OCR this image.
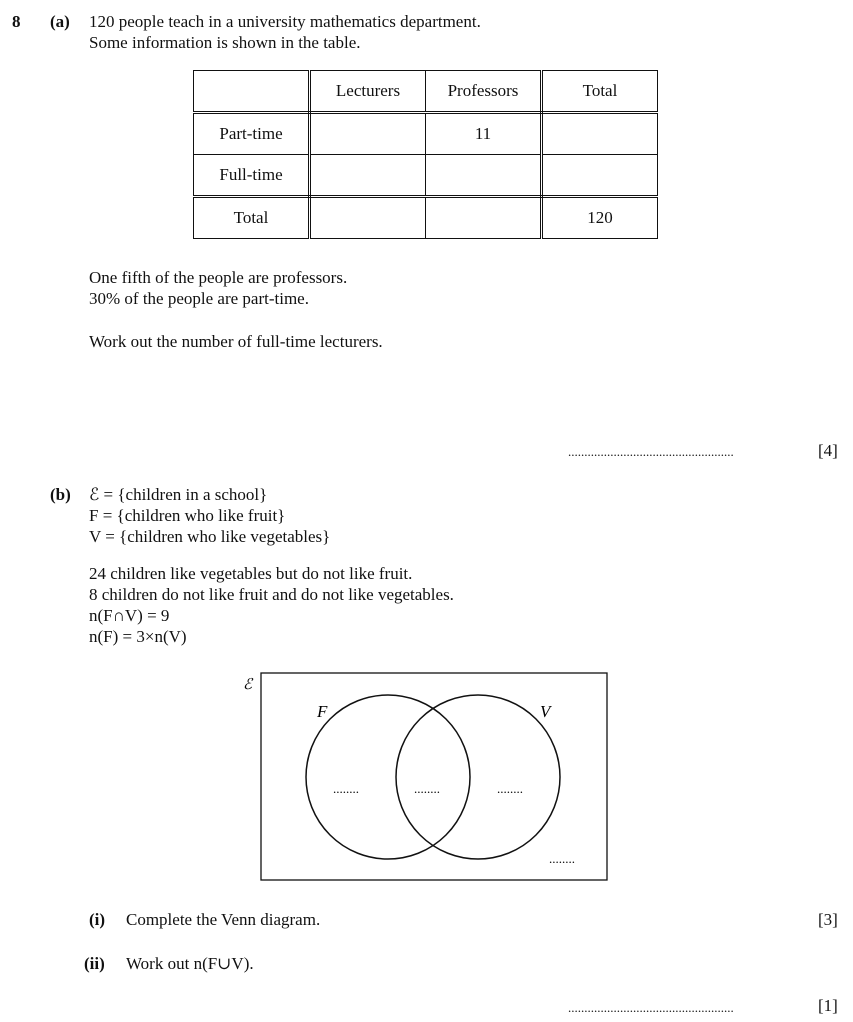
8 (a) 120 people teach in a university mathematics department.
Some information is shown in the table.
	Lecturers	Professors	Total
Part-time		11	
Full-time			
Total			120
One fifth of the people are professors.
30% of the people are part-time.
Work out the number of full-time lecturers.
...................................................	[4]
(b) ℰ = {children in a school}
F = {children who like fruit}
V = {children who like vegetables}
24 children like vegetables but do not like fruit.
8 children do not like fruit and do not like vegetables.
n(F∩V) = 9
n(F) = 3×n(V)
ℰ
F	V
........	........	........
........
(i) Complete the Venn diagram.	[3]
(ii) Work out n(F∪V).
...................................................	[1]
